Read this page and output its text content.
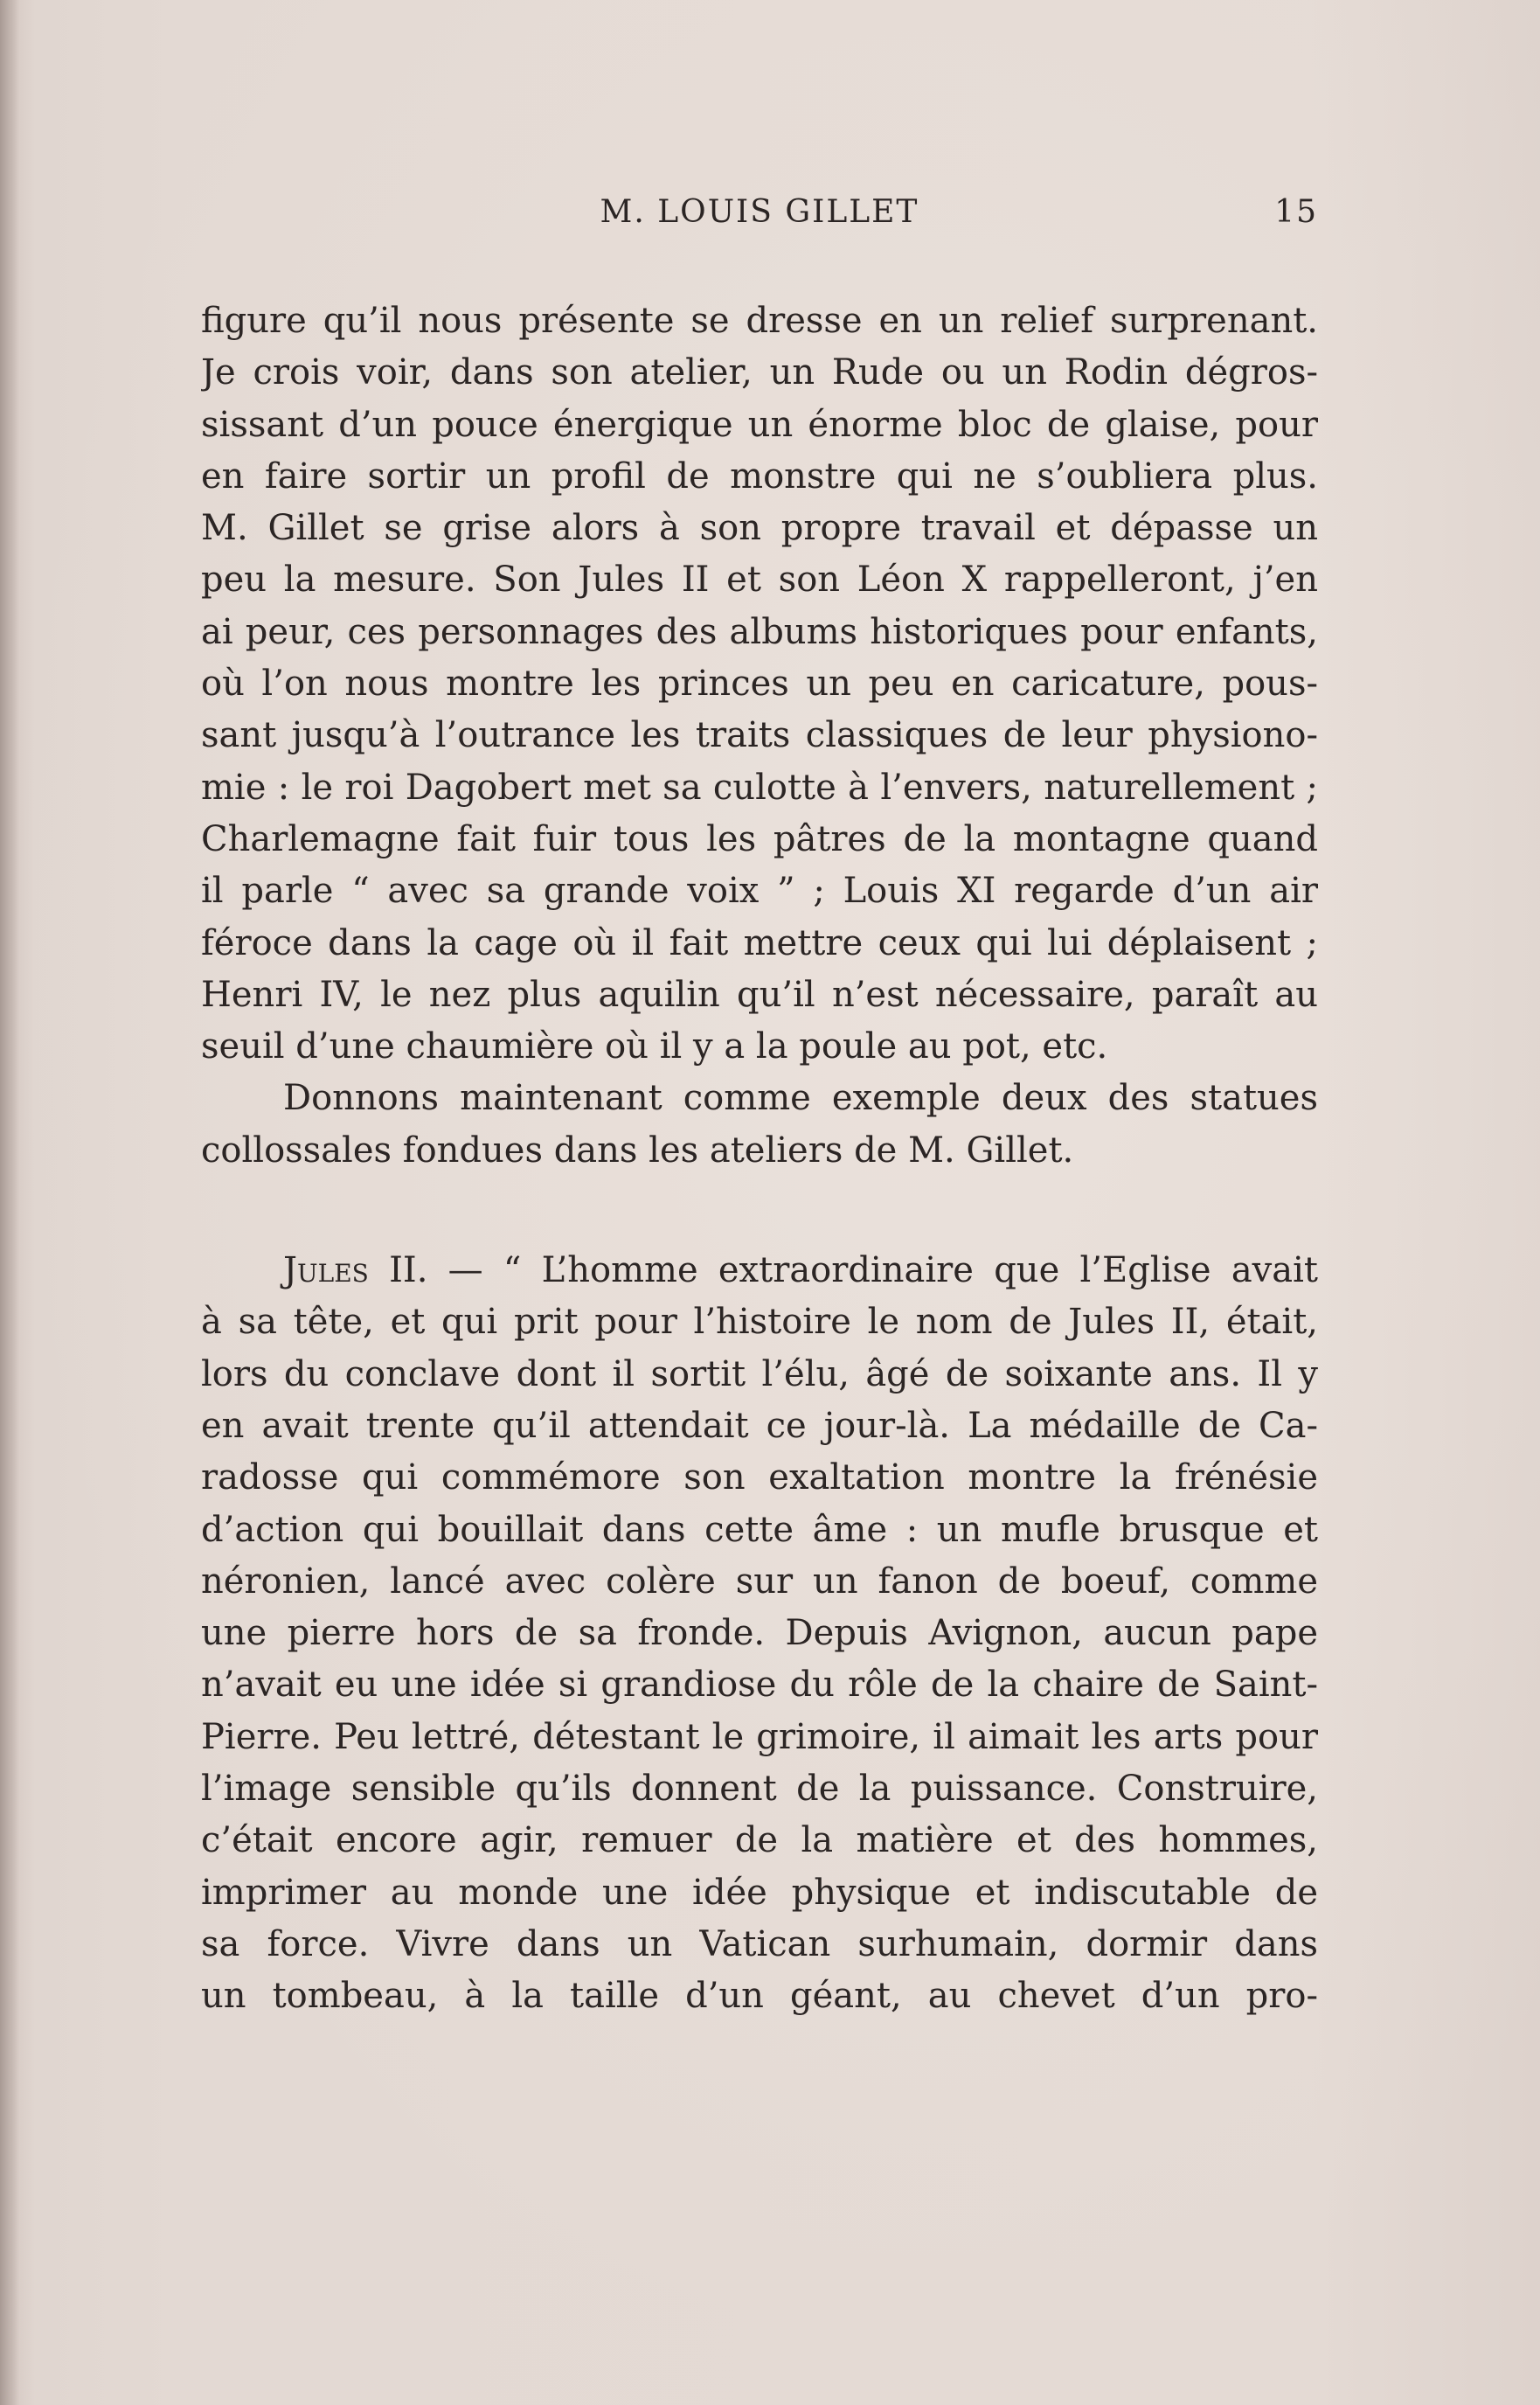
M. LOUIS GILLET	15
figure qu’il nous présente se dresse en un relief surprenant.
Je crois voir, dans son atelier, un Rude ou un Rodin dégros-
sissant d’un pouce énergique un énorme bloc de glaise, pour
en faire sortir un profil de monstre qui ne s’oubliera plus.
M. Gillet se grise alors à son propre travail et dépasse un
peu la mesure. Son Jules II et son Léon X rappelleront, j’en
ai peur, ces personnages des albums historiques pour enfants,
où l’on nous montre les princes un peu en caricature, pous-
sant jusqu’à l’outrance les traits classiques de leur physiono-
mie : le roi Dagobert met sa culotte à l’envers, naturellement ;
Charlemagne fait fuir tous les pâtres de la montagne quand
il parle “ avec sa grande voix ” ; Louis XI regarde d’un air
féroce dans la cage où il fait mettre ceux qui lui déplaisent ;
Henri IV, le nez plus aquilin qu’il n’est nécessaire, paraît au
seuil d’une chaumière où il y a la poule au pot, etc.
Donnons maintenant comme exemple deux des statues
collossales fondues dans les ateliers de M. Gillet.
Jules II. — “ L’homme extraordinaire que l’Eglise avait
à sa tête, et qui prit pour l’histoire le nom de Jules II, était,
lors du conclave dont il sortit l’élu, âgé de soixante ans. Il y
en avait trente qu’il attendait ce jour-là. La médaille de Ca-
radosse qui commémore son exaltation montre la frénésie
d’action qui bouillait dans cette âme : un mufle brusque et
néronien, lancé avec colère sur un fanon de boeuf, comme
une pierre hors de sa fronde. Depuis Avignon, aucun pape
n’avait eu une idée si grandiose du rôle de la chaire de Saint-
Pierre. Peu lettré, détestant le grimoire, il aimait les arts pour
l’image sensible qu’ils donnent de la puissance. Construire,
c’était encore agir, remuer de la matière et des hommes,
imprimer au monde une idée physique et indiscutable de
sa force. Vivre dans un Vatican surhumain, dormir dans
un tombeau, à la taille d’un géant, au chevet d’un pro-
